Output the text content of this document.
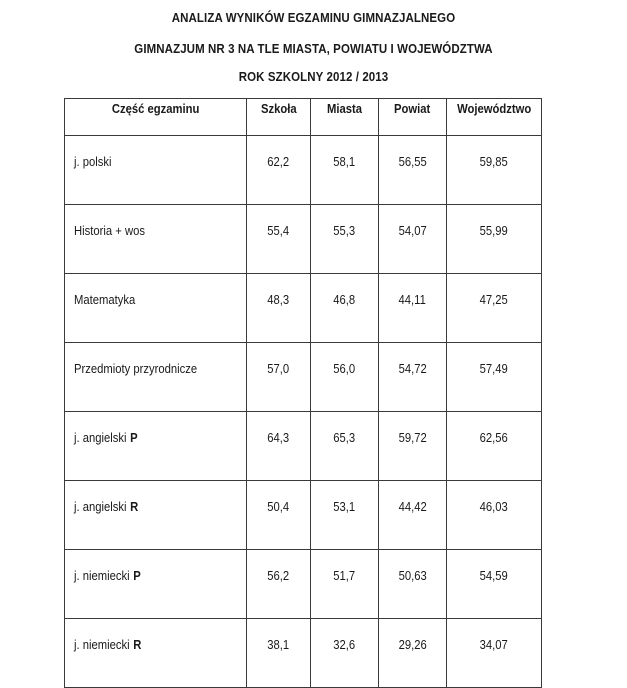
ANALIZA WYNIKÓW EGZAMINU GIMNAZJALNEGO
GIMNAZJUM NR 3 NA TLE MIASTA, POWIATU I WOJEWÓDZTWA
ROK SZKOLNY 2012 / 2013
Część egzaminu	Szkoła	Miasta	Powiat	Województwo
j. polski	62,2	58,1	56,55	59,85
Historia + wos	55,4	55,3	54,07	55,99
Matematyka	48,3	46,8	44,11	47,25
Przedmioty przyrodnicze	57,0	56,0	54,72	57,49
j. angielski P	64,3	65,3	59,72	62,56
j. angielski R	50,4	53,1	44,42	46,03
j. niemiecki P	56,2	51,7	50,63	54,59
j. niemiecki R	38,1	32,6	29,26	34,07
